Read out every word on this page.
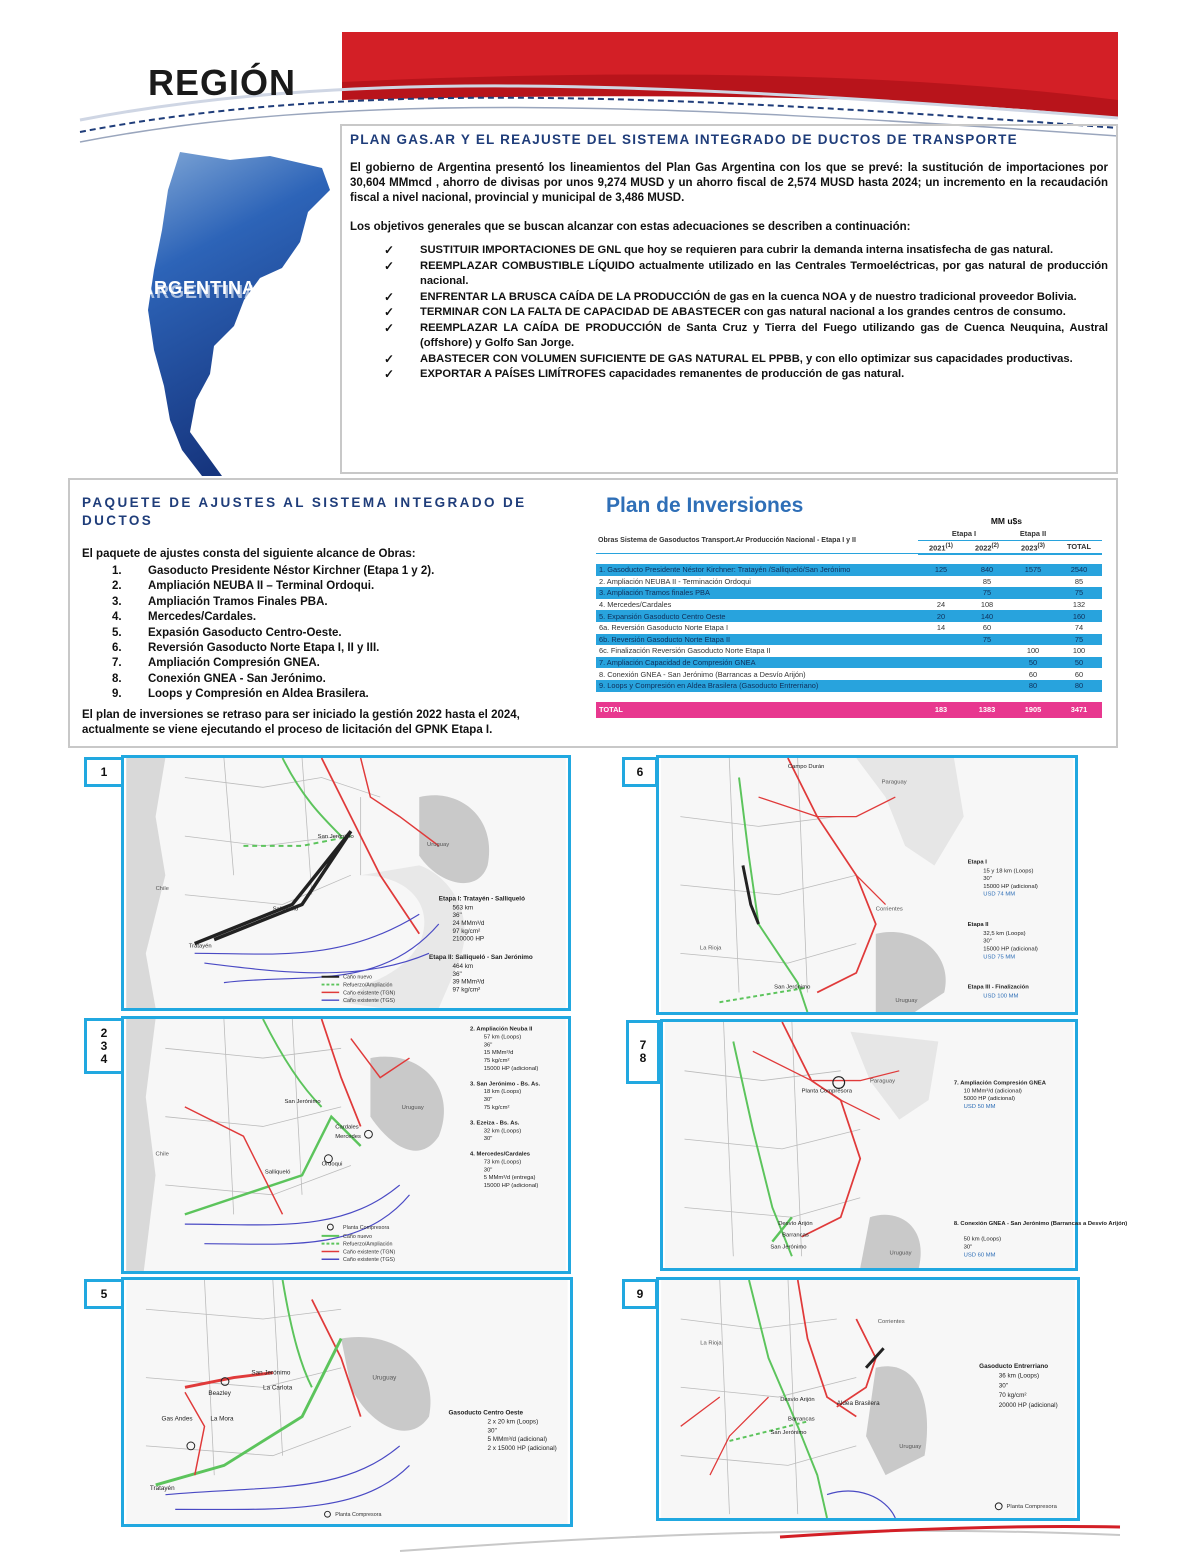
REGIÓN
ARGENTINA
PLAN GAS.AR Y EL REAJUSTE DEL SISTEMA INTEGRADO DE DUCTOS DE TRANSPORTE

El gobierno de Argentina presentó los lineamientos del Plan Gas Argentina con los que se prevé: la sustitución de importaciones por 30,604 MMmcd , ahorro de divisas por unos 9,274 MUSD y un ahorro fiscal de 2,574 MUSD hasta 2024; un incremento en la recaudación fiscal a nivel nacional, provincial y municipal de 3,486 MUSD.

Los objetivos generales que se buscan alcanzar con estas adecuaciones se describen a continuación:

✓ SUSTITUIR IMPORTACIONES DE GNL que hoy se requieren para cubrir la demanda interna insatisfecha de gas natural.
✓ REEMPLAZAR COMBUSTIBLE LÍQUIDO actualmente utilizado en las Centrales Termoeléctricas, por gas natural de producción nacional.
✓ ENFRENTAR LA BRUSCA CAÍDA DE LA PRODUCCIÓN de gas en la cuenca NOA y de nuestro tradicional proveedor Bolivia.
✓ TERMINAR CON LA FALTA DE CAPACIDAD DE ABASTECER con gas natural nacional a los grandes centros de consumo.
✓ REEMPLAZAR LA CAÍDA DE PRODUCCIÓN de Santa Cruz y Tierra del Fuego utilizando gas de Cuenca Neuquina, Austral (offshore) y Golfo San Jorge.
✓ ABASTECER CON VOLUMEN SUFICIENTE DE GAS NATURAL EL PPBB, y con ello optimizar sus capacidades productivas.
✓ EXPORTAR A PAÍSES LIMÍTROFES capacidades remanentes de producción de gas natural.
PAQUETE DE AJUSTES AL SISTEMA INTEGRADO DE DUCTOS
El paquete de ajustes consta del siguiente alcance de Obras:
1.	Gasoducto Presidente Néstor Kirchner (Etapa 1 y 2).
2.	Ampliación NEUBA II – Terminal Ordoqui.
3.	Ampliación Tramos Finales PBA.
4.	Mercedes/Cardales.
5.	Expasión Gasoducto Centro-Oeste.
6.	Reversión Gasoducto Norte Etapa I, II y III.
7.	Ampliación Compresión GNEA.
8.	Conexión GNEA - San Jerónimo.
9.	Loops y Compresión en Aldea Brasilera.

El plan de inversiones se retraso para ser iniciado la gestión 2022 hasta el 2024, actualmente se viene ejecutando el proceso de licitación del GPNK Etapa I.

Plan de Inversiones
MM u$s
Obras Sistema de Gasoductos Transport.Ar Producción Nacional - Etapa I y II	Etapa I		Etapa II	
	2021$^{(1)}$	2022$^{(2)}$	2023$^{(3)}$	TOTAL

1. Gasoducto Presidente Néstor Kirchner: Tratayén /Salliqueló/San Jerónimo	125	840	1575	2540
2. Ampliación NEUBA II - Terminación Ordoqui		85		85
3. Ampliación Tramos finales PBA		75		75
4. Mercedes/Cardales	24	108		132
5. Expansión Gasoducto Centro Oeste	20	140		160
6a. Reversión Gasoducto Norte Etapa I	14	60		74
6b. Reversión Gasoducto Norte Etapa II		75		75
6c. Finalización Reversión Gasoducto Norte Etapa II			100	100
7. Ampliación Capacidad de Compresión GNEA			50	50
8. Conexión GNEA - San Jerónimo (Barrancas a Desvío Arijón)			60	60
9. Loops y Compresión en Aldea Brasilera (Gasoducto Entrerriano)			80	80

TOTAL	183	1383	1905	3471
1
2
3
4
5
6
7
8
9
San Jerónimo
Salliqueló
Tratayén
Uruguay
Chile
Etapa I: Tratayén - Salliqueló
563 km
36"
24 MMm³/d
97 kg/cm²
210000 HP
Etapa II: Salliqueló - San Jerónimo
464 km
36"
39 MMm³/d
97 kg/cm²
Caño nuevo
Refuerzo/Ampliación
Caño existente (TGN)
Caño existente (TGS)
San Jerónimo
Salliqueló
Ordoqui
Cardales
Mercedes
Uruguay
Chile
2. Ampliación Neuba II
57 km (Loops)
36"
15 MMm³/d
75 kg/cm²
15000 HP (adicional)
3. San Jerónimo - Bs. As.
18 km (Loops)
30"
75 kg/cm²
3. Ezeiza - Bs. As.
32 km (Loops)
30"
4. Mercedes/Cardales
73 km (Loops)
30"
5 MMm³/d (entrega)
15000 HP (adicional)
Planta Compresora
Caño nuevo
Refuerzo/Ampliación
Caño existente (TGN)
Caño existente (TGS)
San Jerónimo
Beazley
La Carlota
Gas Andes	La Mora
Tratayén
Uruguay
Gasoducto Centro Oeste
2 x 20 km (Loops)
30"
5 MMm³/d (adicional)
2 x 15000 HP (adicional)
Planta Compresora
San Jerónimo
Paraguay
Uruguay
Corrientes
La Rioja
Campo Durán
Etapa I
15 y 18 km (Loops)
30"
15000 HP (adicional)
USD 74 MM
Etapa II
32,5 km (Loops)
30"
15000 HP (adicional)
USD 75 MM
Etapa III - Finalización
USD 100 MM
Planta Compresora
Desvío Arijón
Barrancas
San Jerónimo
Paraguay
Uruguay
7. Ampliación Compresión GNEA
10 MMm³/d (adicional)
5000 HP (adicional)
USD 50 MM
8. Conexión GNEA - San Jerónimo (Barrancas a Desvío Arijón)
50 km (Loops)
30"
USD 60 MM
Aldea Brasilera
Desvío Arijón
Barrancas
San Jerónimo
Corrientes
Uruguay
La Rioja
Gasoducto Entrerriano
36 km (Loops)
30"
70 kg/cm²
20000 HP (adicional)
Planta Compresora
